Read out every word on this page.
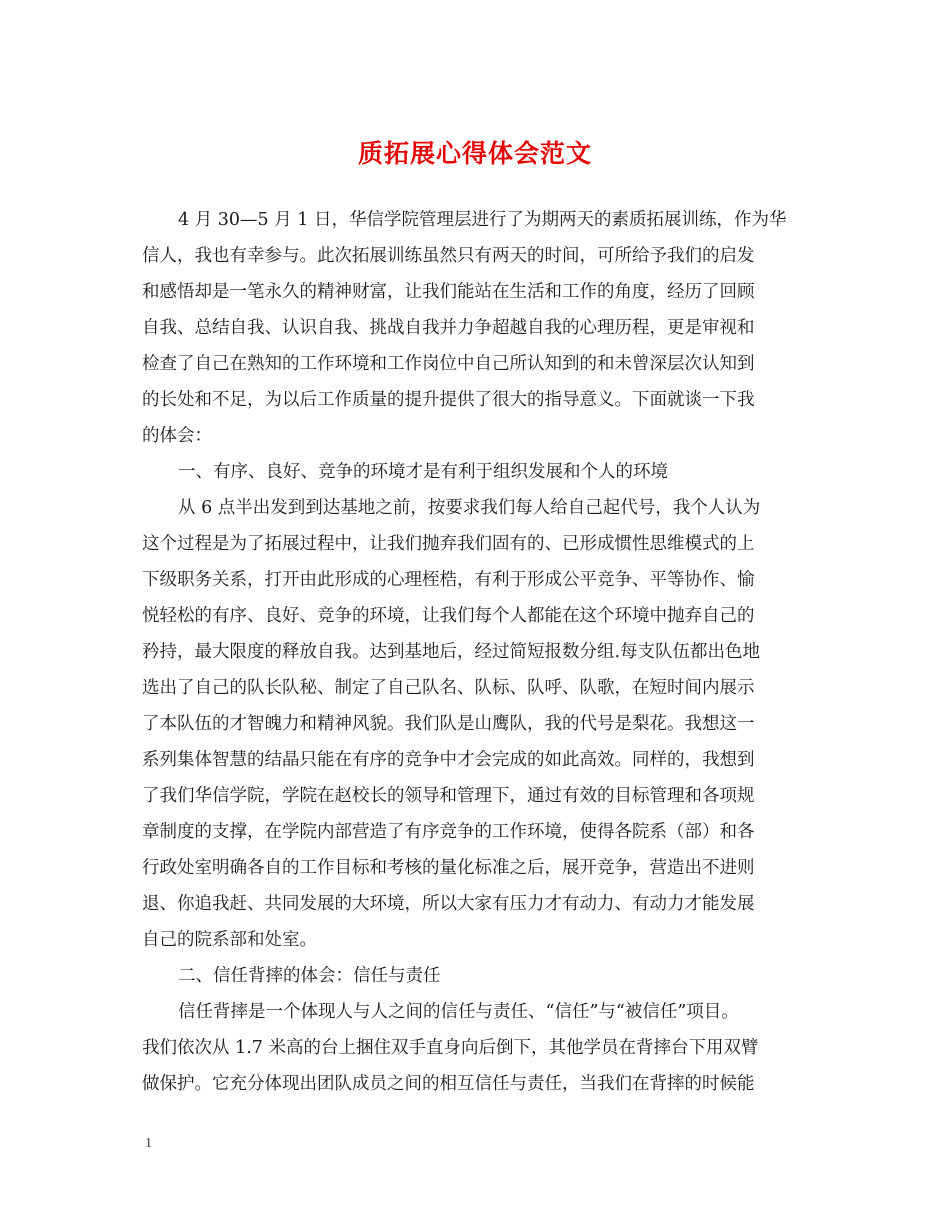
质拓展心得体会范文
4 月 30—5 月 1 日，华信学院管理层进行了为期两天的素质拓展训练，作为华
信人，我也有幸参与。此次拓展训练虽然只有两天的时间，可所给予我们的启发
和感悟却是一笔永久的精神财富，让我们能站在生活和工作的角度，经历了回顾
自我、总结自我、认识自我、挑战自我并力争超越自我的心理历程，更是审视和
检查了自己在熟知的工作环境和工作岗位中自己所认知到的和未曾深层次认知到
的长处和不足，为以后工作质量的提升提供了很大的指导意义。下面就谈一下我
的体会：
一、有序、良好、竞争的环境才是有利于组织发展和个人的环境
从 6 点半出发到到达基地之前，按要求我们每人给自己起代号，我个人认为
这个过程是为了拓展过程中，让我们抛弃我们固有的、已形成惯性思维模式的上
下级职务关系，打开由此形成的心理桎梏，有利于形成公平竞争、平等协作、愉
悦轻松的有序、良好、竞争的环境，让我们每个人都能在这个环境中抛弃自己的
矜持，最大限度的释放自我。达到基地后，经过简短报数分组.每支队伍都出色地
选出了自己的队长队秘、制定了自己队名、队标、队呼、队歌，在短时间内展示
了本队伍的才智魄力和精神风貌。我们队是山鹰队，我的代号是梨花。我想这一
系列集体智慧的结晶只能在有序的竞争中才会完成的如此高效。同样的，我想到
了我们华信学院，学院在赵校长的领导和管理下，通过有效的目标管理和各项规
章制度的支撑，在学院内部营造了有序竞争的工作环境，使得各院系（部）和各
行政处室明确各自的工作目标和考核的量化标准之后，展开竞争，营造出不进则
退、你追我赶、共同发展的大环境，所以大家有压力才有动力、有动力才能发展
自己的院系部和处室。
二、信任背摔的体会：信任与责任
信任背摔是一个体现人与人之间的信任与责任、“信任”与“被信任”项目。
我们依次从 1.7 米高的台上捆住双手直身向后倒下，其他学员在背摔台下用双臂
做保护。它充分体现出团队成员之间的相互信任与责任，当我们在背摔的时候能
1
